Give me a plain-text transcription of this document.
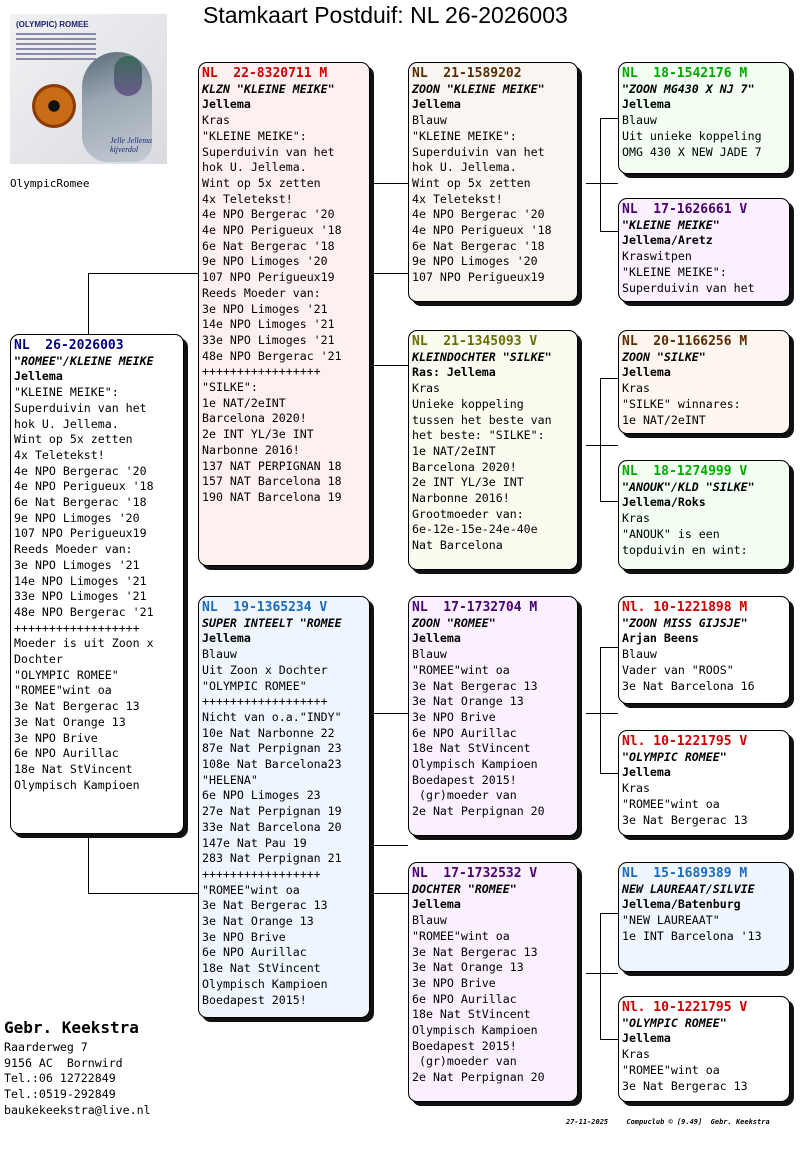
Stamkaart Postduif: NL 26-2026003
(OLYMPIC) ROMEE
Jelle Jellema
kijverdol
OlympicRomee
NL  26-2026003
"ROMEE"/KLEINE MEIKE
Jellema
"KLEINE MEIKE":
Superduivin van het
hok U. Jellema.
Wint op 5x zetten
4x Teletekst!
4e NPO Bergerac '20
4e NPO Perigueux '18
6e Nat Bergerac '18
9e NPO Limoges '20
107 NPO Perigueux19
Reeds Moeder van:
3e NPO Limoges '21
14e NPO Limoges '21
33e NPO Limoges '21
48e NPO Bergerac '21
++++++++++++++++++
Moeder is uit Zoon x
Dochter
"OLYMPIC ROMEE"
"ROMEE"wint oa
3e Nat Bergerac 13
3e Nat Orange 13
3e NPO Brive
6e NPO Aurillac
18e Nat StVincent
Olympisch Kampioen
NL  22-8320711 M
KLZN "KLEINE MEIKE"
Jellema
Kras
"KLEINE MEIKE":
Superduivin van het
hok U. Jellema.
Wint op 5x zetten
4x Teletekst!
4e NPO Bergerac '20
4e NPO Perigueux '18
6e Nat Bergerac '18
9e NPO Limoges '20
107 NPO Perigueux19
Reeds Moeder van:
3e NPO Limoges '21
14e NPO Limoges '21
33e NPO Limoges '21
48e NPO Bergerac '21
+++++++++++++++++
"SILKE":
1e NAT/2eINT
Barcelona 2020!
2e INT YL/3e INT
Narbonne 2016!
137 NAT PERPIGNAN 18
157 NAT Barcelona 18
190 NAT Barcelona 19
NL  19-1365234 V
SUPER INTEELT "ROMEE
Jellema
Blauw
Uit Zoon x Dochter
"OLYMPIC ROMEE"
++++++++++++++++++
Nicht van o.a."INDY"
10e Nat Narbonne 22
87e Nat Perpignan 23
108e Nat Barcelona23
"HELENA"
6e NPO Limoges 23
27e Nat Perpignan 19
33e Nat Barcelona 20
147e Nat Pau 19
283 Nat Perpignan 21
+++++++++++++++++
"ROMEE"wint oa
3e Nat Bergerac 13
3e Nat Orange 13
3e NPO Brive
6e NPO Aurillac
18e Nat StVincent
Olympisch Kampioen
Boedapest 2015!
NL  21-1589202
ZOON "KLEINE MEIKE"
Jellema
Blauw
"KLEINE MEIKE":
Superduivin van het
hok U. Jellema.
Wint op 5x zetten
4x Teletekst!
4e NPO Bergerac '20
4e NPO Perigueux '18
6e Nat Bergerac '18
9e NPO Limoges '20
107 NPO Perigueux19
NL  21-1345093 V
KLEINDOCHTER "SILKE"
Ras: Jellema
Kras
Unieke koppeling
tussen het beste van
het beste: "SILKE":
1e NAT/2eINT
Barcelona 2020!
2e INT YL/3e INT
Narbonne 2016!
Grootmoeder van:
6e-12e-15e-24e-40e
Nat Barcelona
NL  17-1732704 M
ZOON "ROMEE"
Jellema
Blauw
"ROMEE"wint oa
3e Nat Bergerac 13
3e Nat Orange 13
3e NPO Brive
6e NPO Aurillac
18e Nat StVincent
Olympisch Kampioen
Boedapest 2015!
(gr)moeder van
2e Nat Perpignan 20
NL  17-1732532 V
DOCHTER "ROMEE"
Jellema
Blauw
"ROMEE"wint oa
3e Nat Bergerac 13
3e Nat Orange 13
3e NPO Brive
6e NPO Aurillac
18e Nat StVincent
Olympisch Kampioen
Boedapest 2015!
(gr)moeder van
2e Nat Perpignan 20
NL  18-1542176 M
"ZOON MG430 X NJ 7"
Jellema
Blauw
Uit unieke koppeling
OMG 430 X NEW JADE 7
NL  17-1626661 V
"KLEINE MEIKE"
Jellema/Aretz
Kraswitpen
"KLEINE MEIKE":
Superduivin van het
NL  20-1166256 M
ZOON "SILKE"
Jellema
Kras
"SILKE" winnares:
1e NAT/2eINT
NL  18-1274999 V
"ANOUK"/KLD "SILKE"
Jellema/Roks
Kras
"ANOUK" is een
topduivin en wint:
Nl. 10-1221898 M
"ZOON MISS GIJSJE"
Arjan Beens
Blauw
Vader van "ROOS"
3e Nat Barcelona 16
Nl. 10-1221795 V
"OLYMPIC ROMEE"
Jellema
Kras
"ROMEE"wint oa
3e Nat Bergerac 13
NL  15-1689389 M
NEW LAUREAAT/SILVIE
Jellema/Batenburg
"NEW LAUREAAT"
1e INT Barcelona '13
Nl. 10-1221795 V
"OLYMPIC ROMEE"
Jellema
Kras
"ROMEE"wint oa
3e Nat Bergerac 13
Gebr. Keekstra
Raarderweg 7
9156 AC  Bornwird
Tel.:06 12722849
Tel.:0519-292849
baukekeekstra@live.nl
27-11-2025	Compuclub © [9.49]  Gebr. Keekstra
